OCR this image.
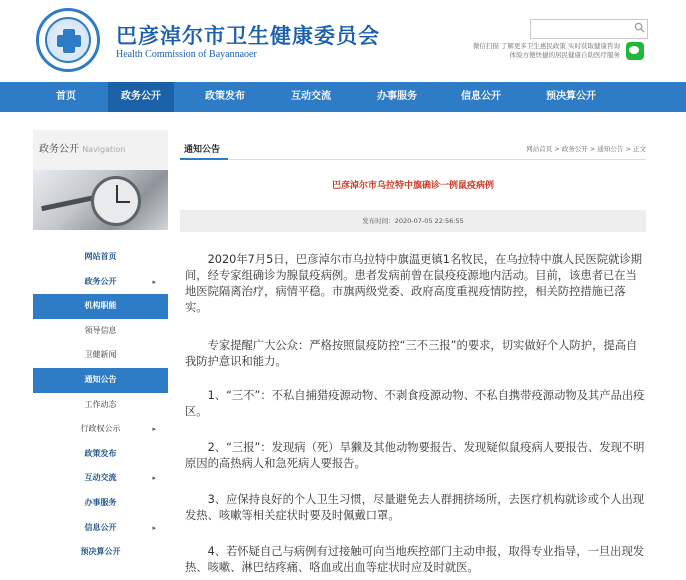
巴彦淖尔市卫生健康委员会
Health Commission of Bayannaoer
微信扫描 了解更多卫生惠民政策 实时获取健康咨询
体验方便快捷的居民健康自助医疗服务
首页	政务公开	政策发布	互动交流	办事服务	信息公开	预决算公开
政务公开 Navigation
网站首页
政务公开	▸
机构职能
领导信息
卫健新闻
通知公告
工作动态
行政权公示	▸
政策发布
互动交流	▸
办事服务
信息公开	▸
预决算公开
通知公告	网站首页 > 政务公开 > 通知公告 > 正文
巴彦淖尔市乌拉特中旗确诊一例鼠疫病例
发布时间：2020-07-05 22:56:55

2020年7月5日，巴彦淖尔市乌拉特中旗温更镇1名牧民，在乌拉特中旗人民医院就诊期间，经专家组确诊为腺鼠疫病例。患者发病前曾在鼠疫疫源地内活动。目前，该患者已在当地医院隔离治疗，病情平稳。市旗两级党委、政府高度重视疫情防控，相关防控措施已落实。

专家提醒广大公众：严格按照鼠疫防控“三不三报”的要求，切实做好个人防护，提高自我防护意识和能力。

1、“三不”：不私自捕猎疫源动物、不剥食疫源动物、不私自携带疫源动物及其产品出疫区。

2、“三报”：发现病（死）旱獭及其他动物要报告、发现疑似鼠疫病人要报告、发现不明原因的高热病人和急死病人要报告。

3、应保持良好的个人卫生习惯，尽量避免去人群拥挤场所，去医疗机构就诊或个人出现发热、咳嗽等相关症状时要及时佩戴口罩。

4、若怀疑自己与病例有过接触可向当地疾控部门主动申报，取得专业指导，一旦出现发热、咳嗽、淋巴结疼痛、咯血或出血等症状时应及时就医。
